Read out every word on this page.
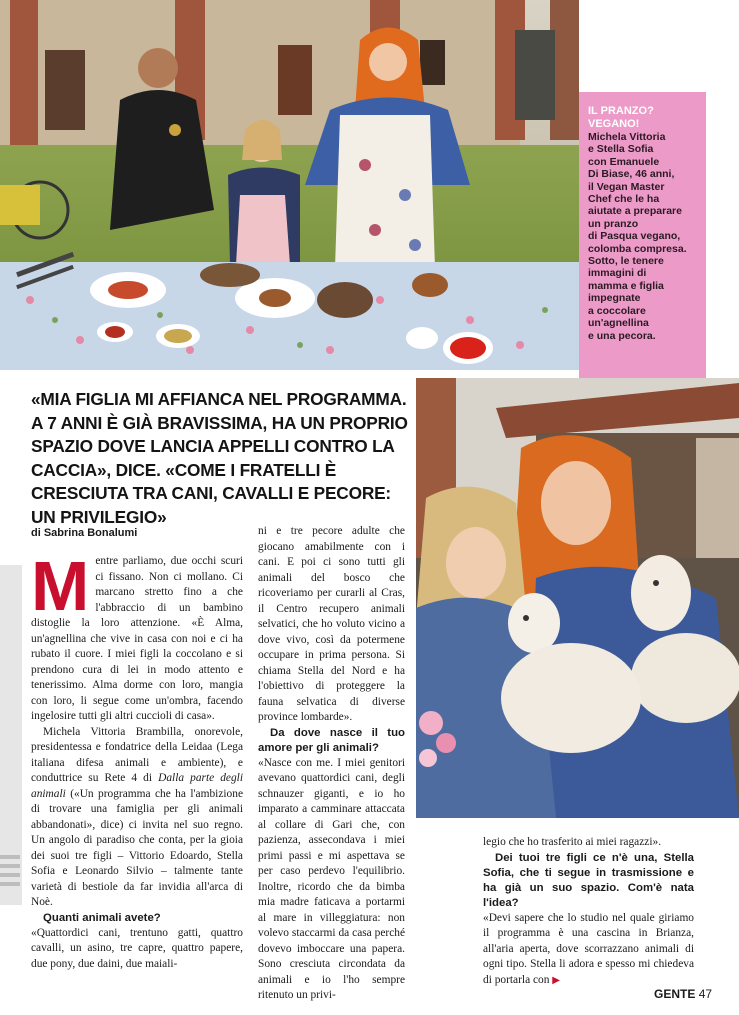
IL PRANZO?
VEGANO!
Michela Vittoria
e Stella Sofia
con Emanuele
Di Biase, 46 anni,
il Vegan Master
Chef che le ha
aiutate a preparare
un pranzo
di Pasqua vegano,
colomba compresa.
Sotto, le tenere
immagini di
mamma e figlia
impegnate
a coccolare
un'agnellina
e una pecora.
«MIA FIGLIA MI AFFIANCA NEL PROGRAMMA. A 7 ANNI È GIÀ BRAVISSIMA, HA UN PROPRIO SPAZIO DOVE LANCIA APPELLI CONTRO LA CACCIA», DICE. «COME I FRATELLI È CRESCIUTA TRA CANI, CAVALLI E PECORE: UN PRIVILEGIO»
di Sabrina Bonalumi

M entre parliamo, due occhi scuri ci fissano. Non ci mollano. Ci marcano stretto fino a che l'abbraccio di un bambino distoglie la loro attenzione. «È Alma, un'agnellina che vive in casa con noi e ci ha rubato il cuore. I miei figli la coccolano e si prendono cura di lei in modo attento e tenerissimo. Alma dorme con loro, mangia con loro, li segue come un'ombra, facendo ingelosire tutti gli altri cuccioli di casa».

Michela Vittoria Brambilla, onorevole, presidentessa e fondatrice della Leidaa (Lega italiana difesa animali e ambiente), e conduttrice su Rete 4 di Dalla parte degli animali («Un programma che ha l'ambizione di trovare una famiglia per gli animali abbandonati», dice) ci invita nel suo regno. Un angolo di paradiso che conta, per la gioia dei suoi tre figli – Vittorio Edoardo, Stella Sofia e Leonardo Silvio – talmente tante varietà di bestiole da far invidia all'arca di Noè.

Quanti animali avete?

«Quattordici cani, trentuno gatti, quattro cavalli, un asino, tre capre, quattro papere, due pony, due daini, due maiali-

ni e tre pecore adulte che giocano amabilmente con i cani. E poi ci sono tutti gli animali del bosco che ricoveriamo per curarli al Cras, il Centro recupero animali selvatici, che ho voluto vicino a dove vivo, così da potermene occupare in prima persona. Si chiama Stella del Nord e ha l'obiettivo di proteggere la fauna selvatica di diverse province lombarde».

Da dove nasce il tuo amore per gli animali?

«Nasce con me. I miei genitori avevano quattordici cani, degli schnauzer giganti, e io ho imparato a camminare attaccata al collare di Gari che, con pazienza, assecondava i miei primi passi e mi aspettava se per caso perdevo l'equilibrio. Inoltre, ricordo che da bimba mia madre faticava a portarmi al mare in villeggiatura: non volevo staccarmi da casa perché dovevo imboccare una papera. Sono cresciuta circondata da animali e io l'ho sempre ritenuto un privi-

legio che ho trasferito ai miei ragazzi».

Dei tuoi tre figli ce n'è una, Stella Sofia, che ti segue in trasmissione e ha già un suo spazio. Com'è nata l'idea?

«Devi sapere che lo studio nel quale giriamo il programma è una cascina in Brianza, all'aria aperta, dove scorrazzano animali di ogni tipo. Stella li adora e spesso mi chiedeva di portarla con ▶

GENTE 47
